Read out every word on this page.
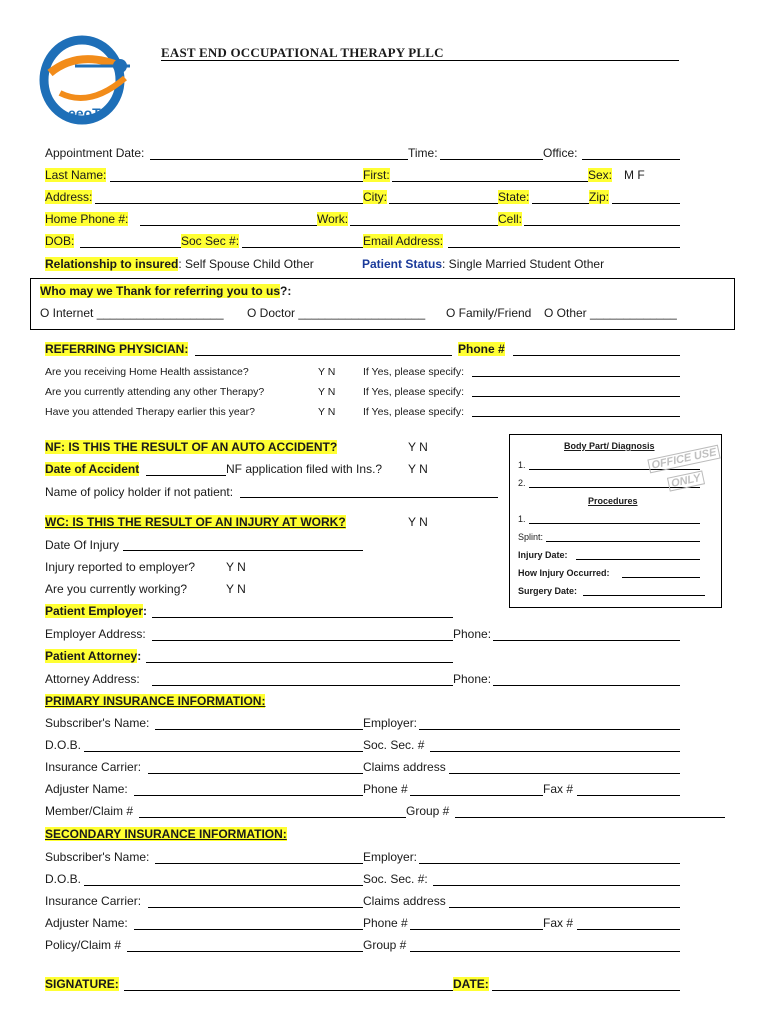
eeoT
EAST END OCCUPATIONAL THERAPY PLLC
Appointment Date:	Time:	Office:
Last Name:	First:	Sex: M F
Address:	City:	State:	Zip:
Home Phone #:	Work:	Cell:
DOB:	Soc Sec #:	Email Address:
Relationship to insured: Self Spouse Child Other	Patient Status: Single Married Student Other
Who may we Thank for referring you to us?:
O Internet ___________________ O Doctor ___________________ O Family/Friend O Other _____________
REFERRING PHYSICIAN:	Phone #
Are you receiving Home Health assistance?	Y N	If Yes, please specify:
Are you currently attending any other Therapy?	Y N	If Yes, please specify:
Have you attended Therapy earlier this year?	Y N	If Yes, please specify:
NF: IS THIS THE RESULT OF AN AUTO ACCIDENT?	Y N
Date of Accident	NF application filed with Ins.? Y N
Name of policy holder if not patient:
Body Part/ Diagnosis
1.
2.
OFFICE USE
ONLY
Procedures
1.
Splint:
Injury Date:
How Injury Occurred:
Surgery Date:
WC: IS THIS THE RESULT OF AN INJURY AT WORK?	Y N
Date Of Injury
Injury reported to employer?	Y N
Are you currently working?	Y N
Patient Employer:
Employer Address:	Phone:
Patient Attorney:
Attorney Address:	Phone:
PRIMARY INSURANCE INFORMATION:
Subscriber's Name:	Employer:
D.O.B.	Soc. Sec. #
Insurance Carrier:	Claims address
Adjuster Name:	Phone #	Fax #
Member/Claim #	Group #
SECONDARY INSURANCE INFORMATION:
Subscriber's Name:	Employer:
D.O.B.	Soc. Sec. #:
Insurance Carrier:	Claims address
Adjuster Name:	Phone #	Fax #
Policy/Claim #	Group #
SIGNATURE:	DATE:
